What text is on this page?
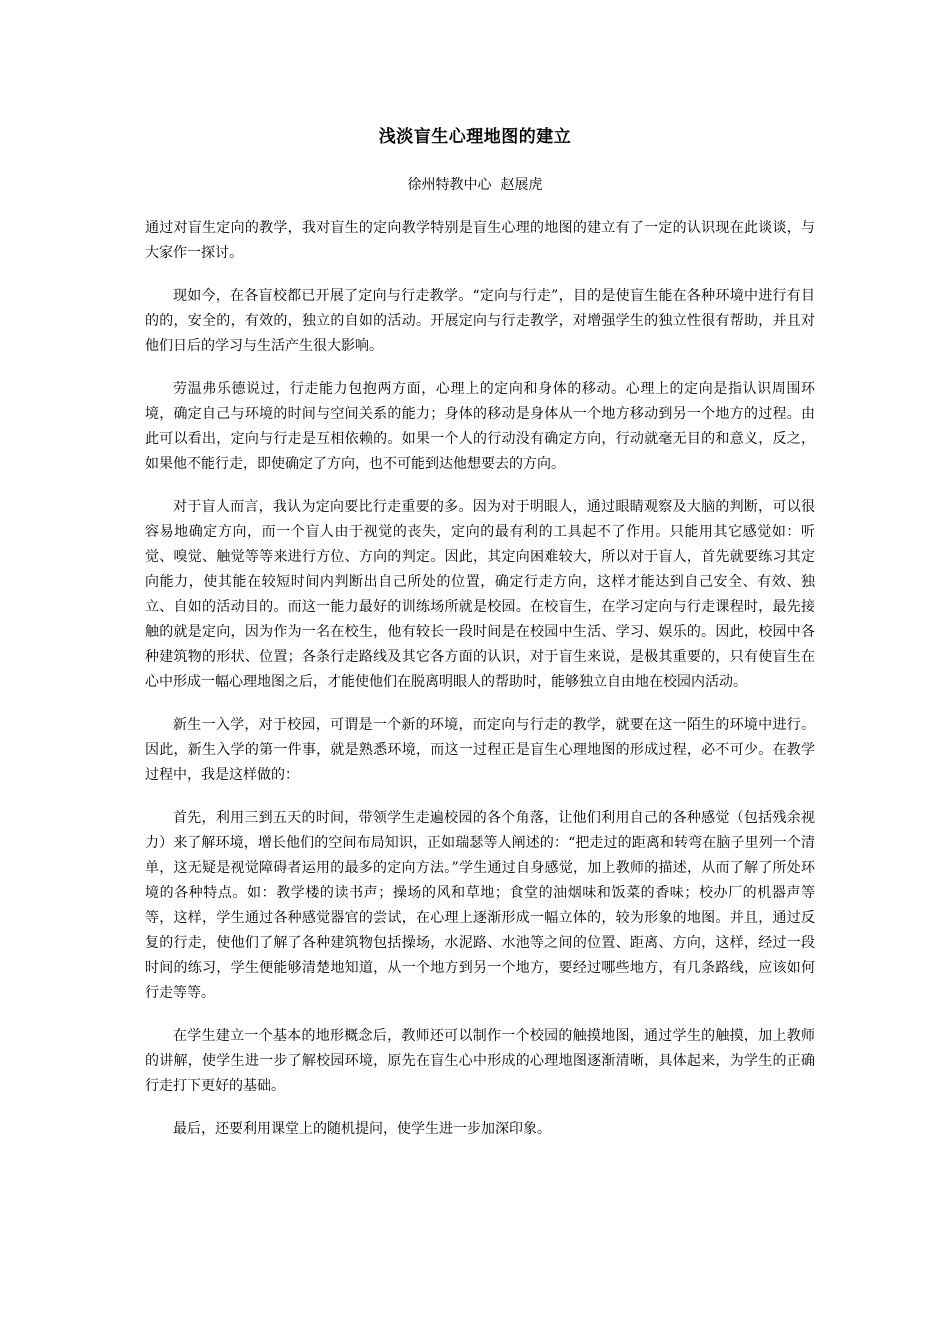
浅淡盲生心理地图的建立
徐州特教中心  赵展虎

通过对盲生定向的教学，我对盲生的定向教学特别是盲生心理的地图的建立有了一定的认识现在此谈谈，与大家作一探讨。

现如今，在各盲校都已开展了定向与行走教学。“定向与行走”，目的是使盲生能在各种环境中进行有目的的，安全的，有效的，独立的自如的活动。开展定向与行走教学，对增强学生的独立性很有帮助，并且对他们日后的学习与生活产生很大影响。

劳温弗乐德说过，行走能力包抱两方面，心理上的定向和身体的移动。心理上的定向是指认识周围环境，确定自己与环境的时间与空间关系的能力；身体的移动是身体从一个地方移动到另一个地方的过程。由此可以看出，定向与行走是互相依赖的。如果一个人的行动没有确定方向，行动就毫无目的和意义，反之，如果他不能行走，即使确定了方向，也不可能到达他想要去的方向。

对于盲人而言，我认为定向要比行走重要的多。因为对于明眼人，通过眼睛观察及大脑的判断，可以很容易地确定方向，而一个盲人由于视觉的丧失，定向的最有利的工具起不了作用。只能用其它感觉如：听觉、嗅觉、触觉等等来进行方位、方向的判定。因此，其定向困难较大，所以对于盲人，首先就要练习其定向能力，使其能在较短时间内判断出自己所处的位置，确定行走方向，这样才能达到自己安全、有效、独立、自如的活动目的。而这一能力最好的训练场所就是校园。在校盲生，在学习定向与行走课程时，最先接触的就是定向，因为作为一名在校生，他有较长一段时间是在校园中生活、学习、娱乐的。因此，校园中各种建筑物的形状、位置；各条行走路线及其它各方面的认识，对于盲生来说，是极其重要的，只有使盲生在心中形成一幅心理地图之后，才能使他们在脱离明眼人的帮助时，能够独立自由地在校园内活动。

新生一入学，对于校园，可谓是一个新的环境，而定向与行走的教学，就要在这一陌生的环境中进行。因此，新生入学的第一件事，就是熟悉环境，而这一过程正是盲生心理地图的形成过程，必不可少。在教学过程中，我是这样做的：

首先，利用三到五天的时间，带领学生走遍校园的各个角落，让他们利用自己的各种感觉（包括残余视力）来了解环境，增长他们的空间布局知识，正如瑞瑟等人阐述的：“把走过的距离和转弯在脑子里列一个清单，这无疑是视觉障碍者运用的最多的定向方法。”学生通过自身感觉，加上教师的描述，从而了解了所处环境的各种特点。如：教学楼的读书声；操场的风和草地；食堂的油烟味和饭菜的香味；校办厂的机器声等等，这样，学生通过各种感觉器官的尝试，在心理上逐渐形成一幅立体的，较为形象的地图。并且，通过反复的行走，使他们了解了各种建筑物包括操场，水泥路、水池等之间的位置、距离、方向，这样，经过一段时间的练习，学生便能够清楚地知道，从一个地方到另一个地方，要经过哪些地方，有几条路线，应该如何行走等等。

在学生建立一个基本的地形概念后，教师还可以制作一个校园的触摸地图，通过学生的触摸，加上教师的讲解，使学生进一步了解校园环境，原先在盲生心中形成的心理地图逐渐清晰，具体起来，为学生的正确行走打下更好的基础。

最后，还要利用课堂上的随机提问，使学生进一步加深印象。
